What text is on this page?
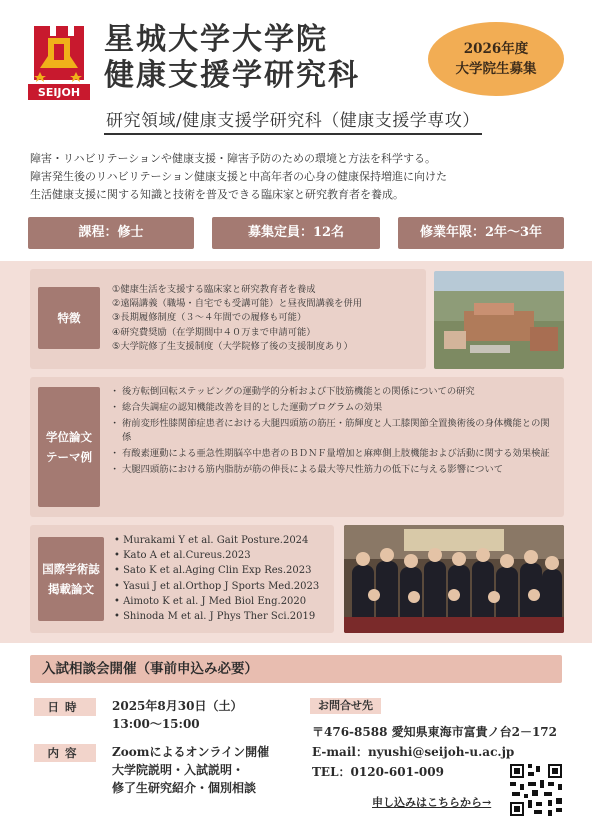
SEIJOH
星城大学大学院
健康支援学研究科
2026年度
大学院生募集
研究領域/健康支援学研究科（健康支援学専攻）
障害・リハビリテーションや健康支援・障害予防のための環境と方法を科学する。
障害発生後のリハビリテーション健康支援と中高年者の心身の健康保持増進に向けた
生活健康支援に関する知識と技術を普及できる臨床家と研究教育者を養成。
課程：修士	募集定員：12名	修業年限：2年～3年
特徴
①健康生活を支援する臨床家と研究教育者を養成
②遠隔講義（職場・自宅でも受講可能）と昼夜間講義を併用
③長期履修制度（３～４年間での履修も可能）
④研究費奨励（在学期間中４０万まで申請可能）
⑤大学院修了生支援制度（大学院修了後の支援制度あり）
学位論文
テーマ例
・ 後方転倒回転ステッピングの運動学的分析および下肢筋機能との関係についての研究
・ 総合失調症の認知機能改善を目的とした運動プログラムの効果
・ 術前変形性膝関節症患者における大腿四頭筋の筋圧・筋輝度と人工膝関節全置換術後の身体機能との関係
・ 有酸素運動による亜急性期脳卒中患者のＢＤＮＦ量増加と麻痺側上肢機能および活動に関する効果検証
・ 大腿四頭筋における筋内脂肪が筋の伸長による最大等尺性筋力の低下に与える影響について
国際学術誌
掲載論文
• Murakami Y et al. Gait Posture.2024
• Kato A et al.Cureus.2023
• Sato K et al.Aging Clin Exp Res.2023
• Yasui J et al.Orthop J Sports Med.2023
• Aimoto K et al. J Med Biol Eng.2020
• Shinoda M et al. J Phys Ther Sci.2019
入試相談会開催（事前申込み必要）
日時	2025年8月30日（土）
13:00～15:00
内容	Zoomによるオンライン開催
大学院説明・入試説明・
修了生研究紹介・個別相談
お問合せ先
〒476-8588 愛知県東海市富貴ノ台2－172
E-mail：nyushi@seijoh-u.ac.jp
TEL：0120-601-009
申し込みはこちらから→
